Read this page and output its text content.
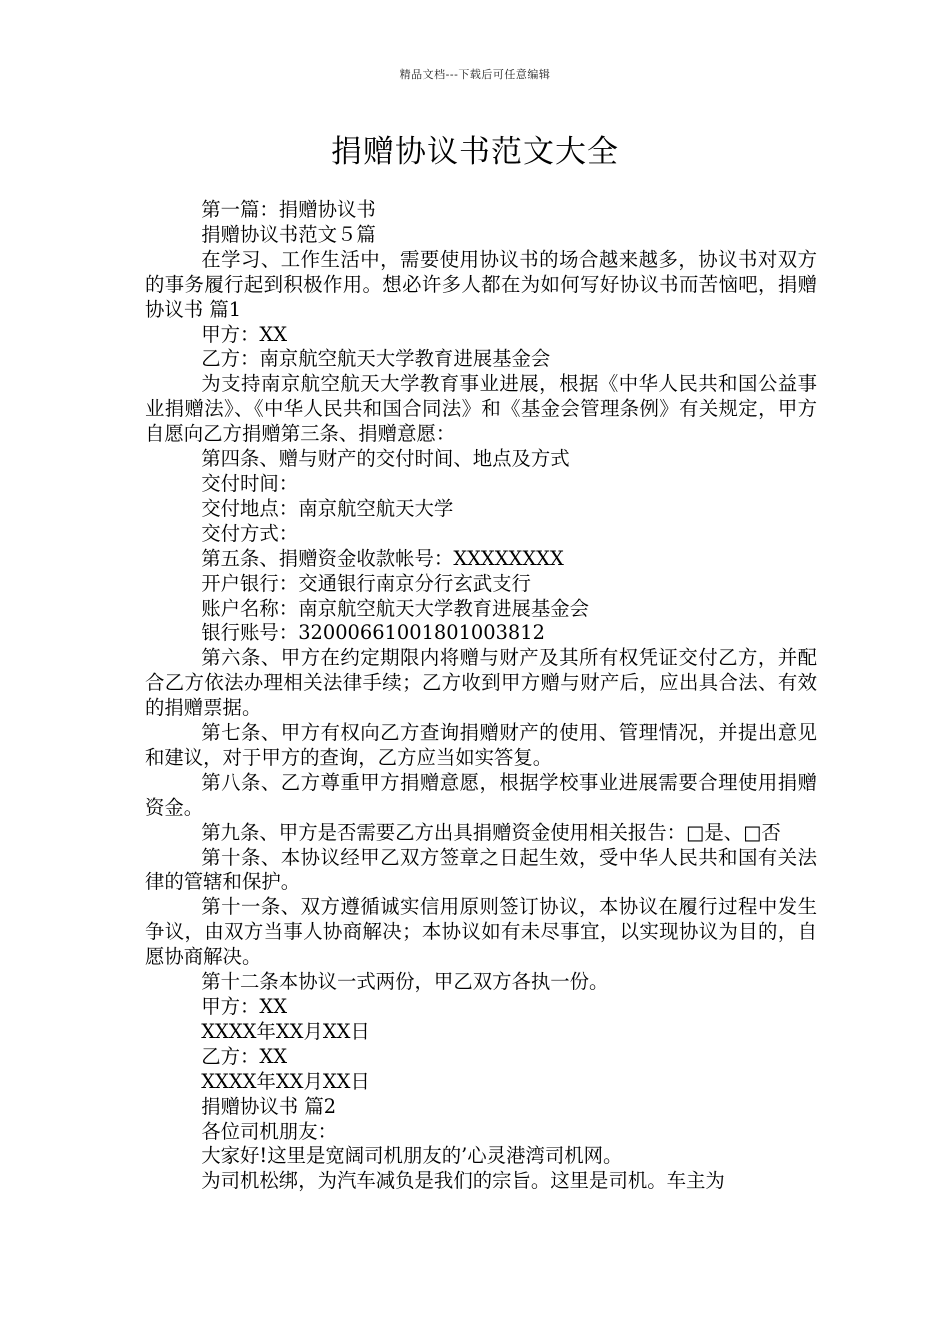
精品文档---下载后可任意编辑
捐赠协议书范文大全

第一篇：捐赠协议书

捐赠协议书范文５篇

在学习、工作生活中，需要使用协议书的场合越来越多，协议书对双方的事务履行起到积极作用。想必许多人都在为如何写好协议书而苦恼吧，捐赠协议书 篇1

甲方：XX

乙方：南京航空航天大学教育进展基金会

为支持南京航空航天大学教育事业进展，根据《中华人民共和国公益事业捐赠法》、《中华人民共和国合同法》和《基金会管理条例》有关规定，甲方自愿向乙方捐赠第三条、捐赠意愿：

第四条、赠与财产的交付时间、地点及方式

交付时间：

交付地点：南京航空航天大学

交付方式：

第五条、捐赠资金收款帐号：XXXXXXXX

开户银行：交通银行南京分行玄武支行

账户名称：南京航空航天大学教育进展基金会

银行账号：320006610018010038​12

第六条、甲方在约定期限内将赠与财产及其所有权凭证交付乙方，并配合乙方依法办理相关法律手续；乙方收到甲方赠与财产后，应出具合法、有效的捐赠票据。

第七条、甲方有权向乙方查询捐赠财产的使用、管理情况，并提出意见和建议，对于甲方的查询，乙方应当如实答复。

第八条、乙方尊重甲方捐赠意愿，根据学校事业进展需要合理使用捐赠资金。

第九条、甲方是否需要乙方出具捐赠资金使用相关报告：□是、□否

第十条、本协议经甲乙双方签章之日起生效，受中华人民共和国有关法律的管辖和保护。

第十一条、双方遵循诚实信用原则签订协议，本协议在履行过程中发生争议，由双方当事人协商解决；本协议如有未尽事宜，以实现协议为目的，自愿协商解决。

第十二条本协议一式两份，甲乙双方各执一份。

甲方：XX

XXXX年XX月XX日

乙方：XX

XXXX年XX月XX日

捐赠协议书 篇2

各位司机朋友：

大家好!这里是宽阔司机朋友的’心灵港湾司机网。

为司机松绑，为汽车减负是我们的宗旨。这里是司机。车主为
